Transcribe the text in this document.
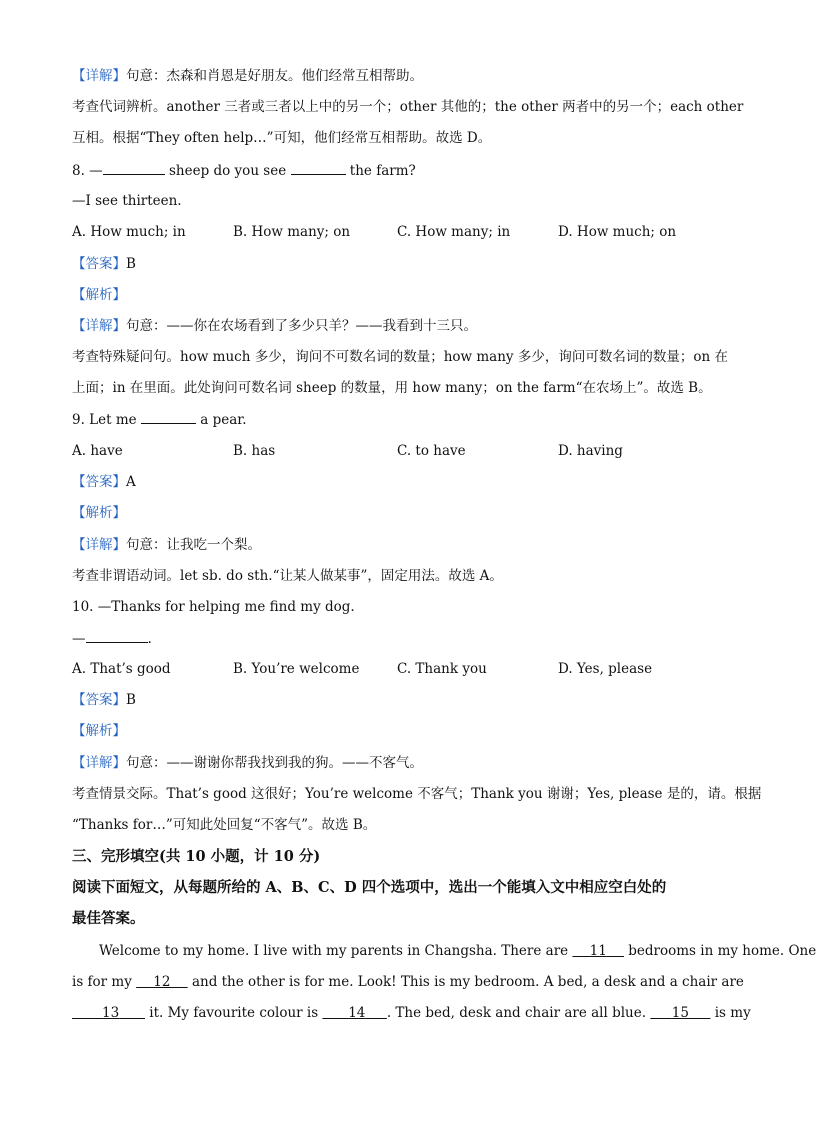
【详解】句意：杰森和肖恩是好朋友。他们经常互相帮助。
考查代词辨析。another 三者或三者以上中的另一个；other 其他的；the other 两者中的另一个；each other
互相。根据“They often help…”可知，他们经常互相帮助。故选 D。
8. —	sheep do you see	the farm?
—I see thirteen.
A. How much; in	B. How many; on	C. How many; in	D. How much; on
【答案】B
【解析】
【详解】句意：——你在农场看到了多少只羊？——我看到十三只。
考查特殊疑问句。how much 多少，询问不可数名词的数量；how many 多少，询问可数名词的数量；on 在
上面；in 在里面。此处询问可数名词 sheep 的数量，用 how many；on the farm“在农场上”。故选 B。
9. Let me	a pear.
A. have	B. has	C. to have	D. having
【答案】A
【解析】
【详解】句意：让我吃一个梨。
考查非谓语动词。let sb. do sth.“让某人做某事”，固定用法。故选 A。
10. —Thanks for helping me find my dog.
—	.
A. That’s good	B. You’re welcome	C. Thank you	D. Yes, please
【答案】B
【解析】
【详解】句意：——谢谢你帮我找到我的狗。——不客气。
考查情景交际。That’s good 这很好；You’re welcome 不客气；Thank you 谢谢；Yes, please 是的，请。根据
“Thanks for…”可知此处回复“不客气”。故选 B。
三、完形填空(共 10 小题，计 10 分)
阅读下面短文，从每题所给的 A、B、C、D 四个选项中，选出一个能填入文中相应空白处的
最佳答案。
Welcome to my home. I live with my parents in Changsha. There are     11     bedrooms in my home. One
is for my     12     and the other is for me. Look! This is my bedroom. A bed, a desk and a chair are
13       it. My favourite colour is       14 . The bed, desk and chair are all blue.      15      is my
